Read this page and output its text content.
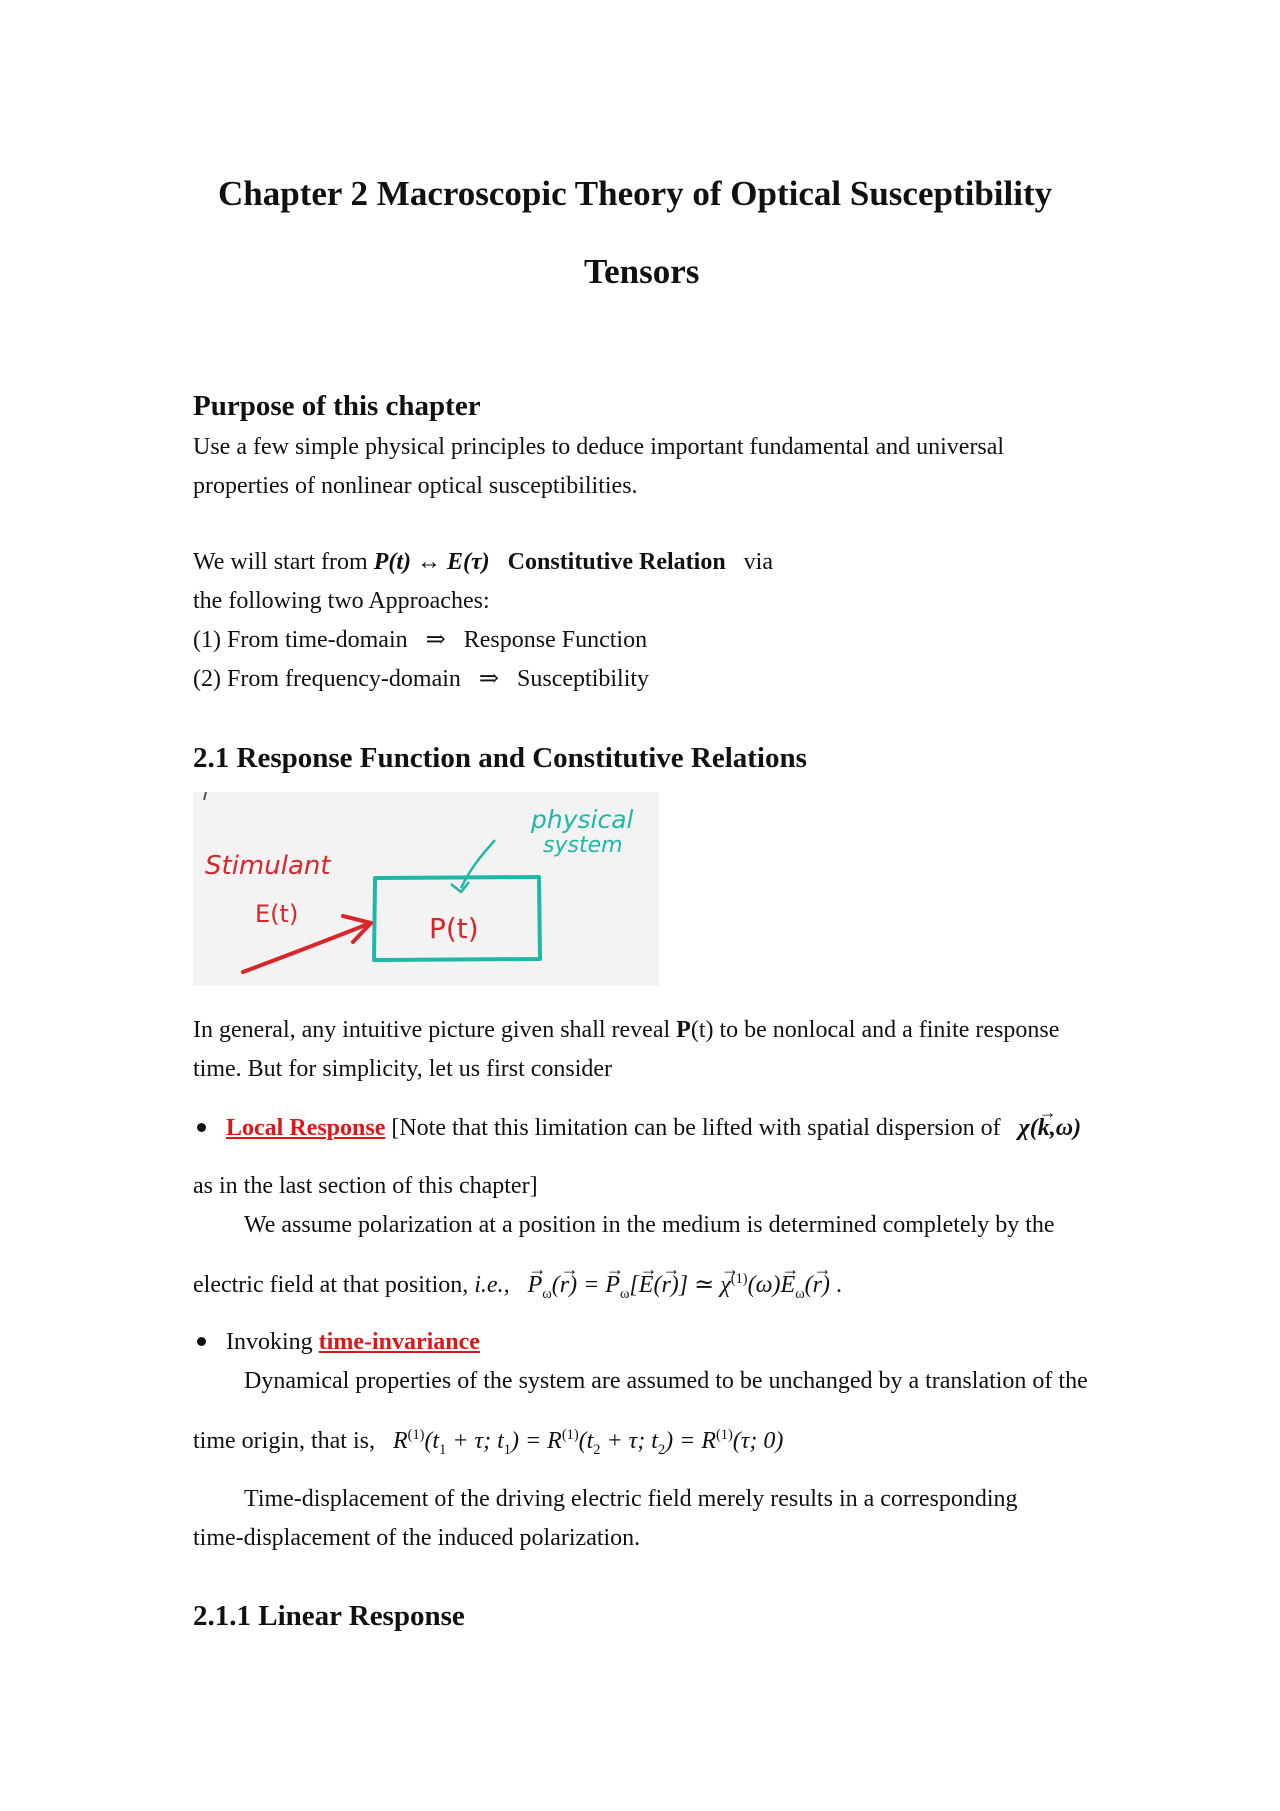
Chapter 2 Macroscopic Theory of Optical Susceptibility
Tensors
Purpose of this chapter
Use a few simple physical principles to deduce important fundamental and universal
properties of nonlinear optical susceptibilities.
We will start from P(t) ↔ E(τ) Constitutive Relation via
the following two Approaches:
(1) From time-domain ⇒ Response Function
(2) From frequency-domain ⇒ Susceptibility
2.1 Response Function and Constitutive Relations
physical
system
Stimulant
E(t)	P(t)
In general, any intuitive picture given shall reveal P(t) to be nonlocal and a finite response
time. But for simplicity, let us first consider
Local Response [Note that this limitation can be lifted with spatial dispersion of χ(→ k,ω)
as in the last section of this chapter]
We assume polarization at a position in the medium is determined completely by the
electric field at that position, i.e.,   → $P_\omega(\to r)$ = → $P_\omega[\to E(\to r)]$ ≃ → $\chi^{(1)}(\omega)\to E_\omega(\to r)$ .
Invoking time-invariance
Dynamical properties of the system are assumed to be unchanged by a translation of the
time origin, that is, $R^{(1)}(t_1 + \tau$; $t_1) = R^{(1)}(t_2 + \tau$; $t_2) = R^{(1)}(\tau$; 0)
Time-displacement of the driving electric field merely results in a corresponding
time-displacement of the induced polarization.
2.1.1 Linear Response
